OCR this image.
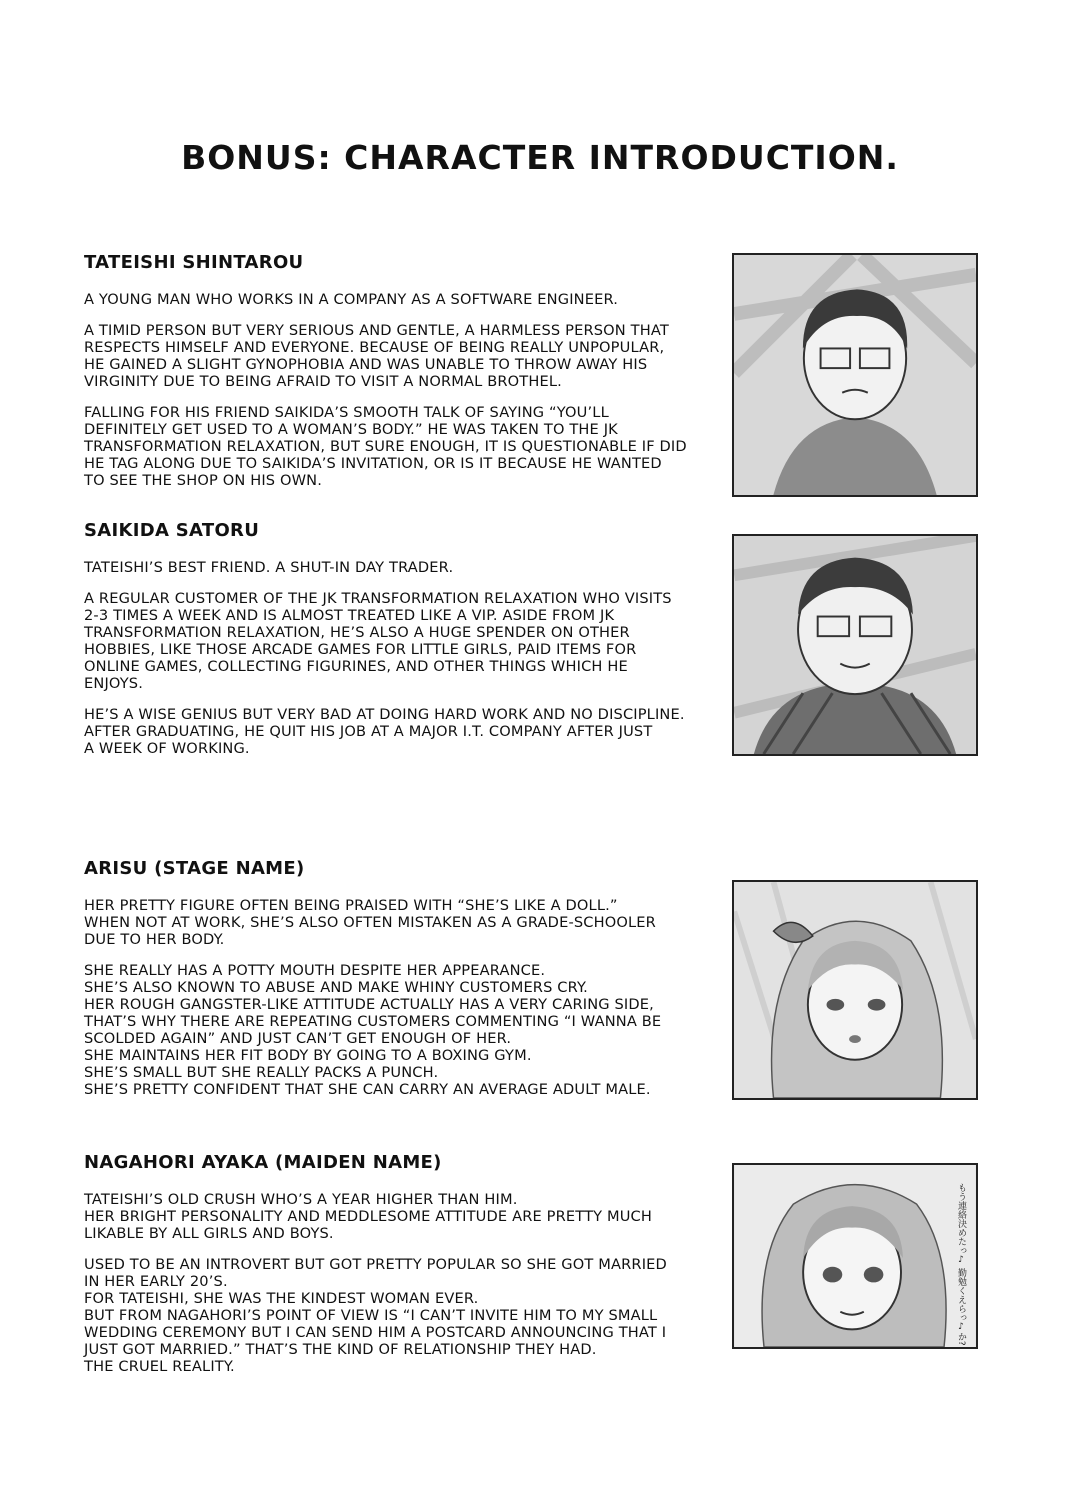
BONUS: CHARACTER INTRODUCTION.
TATEISHI SHINTAROU

A YOUNG MAN WHO WORKS IN A COMPANY AS A SOFTWARE ENGINEER.

A TIMID PERSON BUT VERY SERIOUS AND GENTLE, A HARMLESS PERSON THAT
RESPECTS HIMSELF AND EVERYONE. BECAUSE OF BEING REALLY UNPOPULAR,
HE GAINED A SLIGHT GYNOPHOBIA AND WAS UNABLE TO THROW AWAY HIS
VIRGINITY DUE TO BEING AFRAID TO VISIT A NORMAL BROTHEL.

FALLING FOR HIS FRIEND SAIKIDA’S SMOOTH TALK OF SAYING “YOU’LL
DEFINITELY GET USED TO A WOMAN’S BODY.” HE WAS TAKEN TO THE JK
TRANSFORMATION RELAXATION, BUT SURE ENOUGH, IT IS QUESTIONABLE IF DID
HE TAG ALONG DUE TO SAIKIDA’S INVITATION, OR IS IT BECAUSE HE WANTED
TO SEE THE SHOP ON HIS OWN.

SAIKIDA SATORU

TATEISHI’S BEST FRIEND. A SHUT-IN DAY TRADER.

A REGULAR CUSTOMER OF THE JK TRANSFORMATION RELAXATION WHO VISITS
2-3 TIMES A WEEK AND IS ALMOST TREATED LIKE A VIP. ASIDE FROM JK
TRANSFORMATION RELAXATION, HE’S ALSO A HUGE SPENDER ON OTHER
HOBBIES, LIKE THOSE ARCADE GAMES FOR LITTLE GIRLS, PAID ITEMS FOR
ONLINE GAMES, COLLECTING FIGURINES, AND OTHER THINGS WHICH HE
ENJOYS.

HE’S A WISE GENIUS BUT VERY BAD AT DOING HARD WORK AND NO DISCIPLINE.
AFTER GRADUATING, HE QUIT HIS JOB AT A MAJOR I.T. COMPANY AFTER JUST
A WEEK OF WORKING.

ARISU (STAGE NAME)

HER PRETTY FIGURE OFTEN BEING PRAISED WITH “SHE’S LIKE A DOLL.”
WHEN NOT AT WORK, SHE’S ALSO OFTEN MISTAKEN AS A GRADE-SCHOOLER
DUE TO HER BODY.

SHE REALLY HAS A POTTY MOUTH DESPITE HER APPEARANCE.
SHE’S ALSO KNOWN TO ABUSE AND MAKE WHINY CUSTOMERS CRY.
HER ROUGH GANGSTER-LIKE ATTITUDE ACTUALLY HAS A VERY CARING SIDE,
THAT’S WHY THERE ARE REPEATING CUSTOMERS COMMENTING “I WANNA BE
SCOLDED AGAIN” AND JUST CAN’T GET ENOUGH OF HER.
SHE MAINTAINS HER FIT BODY BY GOING TO A BOXING GYM.
SHE’S SMALL BUT SHE REALLY PACKS A PUNCH.
SHE’S PRETTY CONFIDENT THAT SHE CAN CARRY AN AVERAGE ADULT MALE.

NAGAHORI AYAKA (MAIDEN NAME)

TATEISHI’S OLD CRUSH WHO’S A YEAR HIGHER THAN HIM.
HER BRIGHT PERSONALITY AND MEDDLESOME ATTITUDE ARE PRETTY MUCH
LIKABLE BY ALL GIRLS AND BOYS.

USED TO BE AN INTROVERT BUT GOT PRETTY POPULAR SO SHE GOT MARRIED
IN HER EARLY 20’S.
FOR TATEISHI, SHE WAS THE KINDEST WOMAN EVER.
BUT FROM NAGAHORI’S POINT OF VIEW IS “I CAN’T INVITE HIM TO MY SMALL
WEDDING CEREMONY BUT I CAN SEND HIM A POSTCARD ANNOUNCING THAT I
JUST GOT MARRIED.” THAT’S THE KIND OF RELATIONSHIP THEY HAD.
THE CRUEL REALITY.

もう連絡決めたっ♪ 勤勉くえらっ♪か?
